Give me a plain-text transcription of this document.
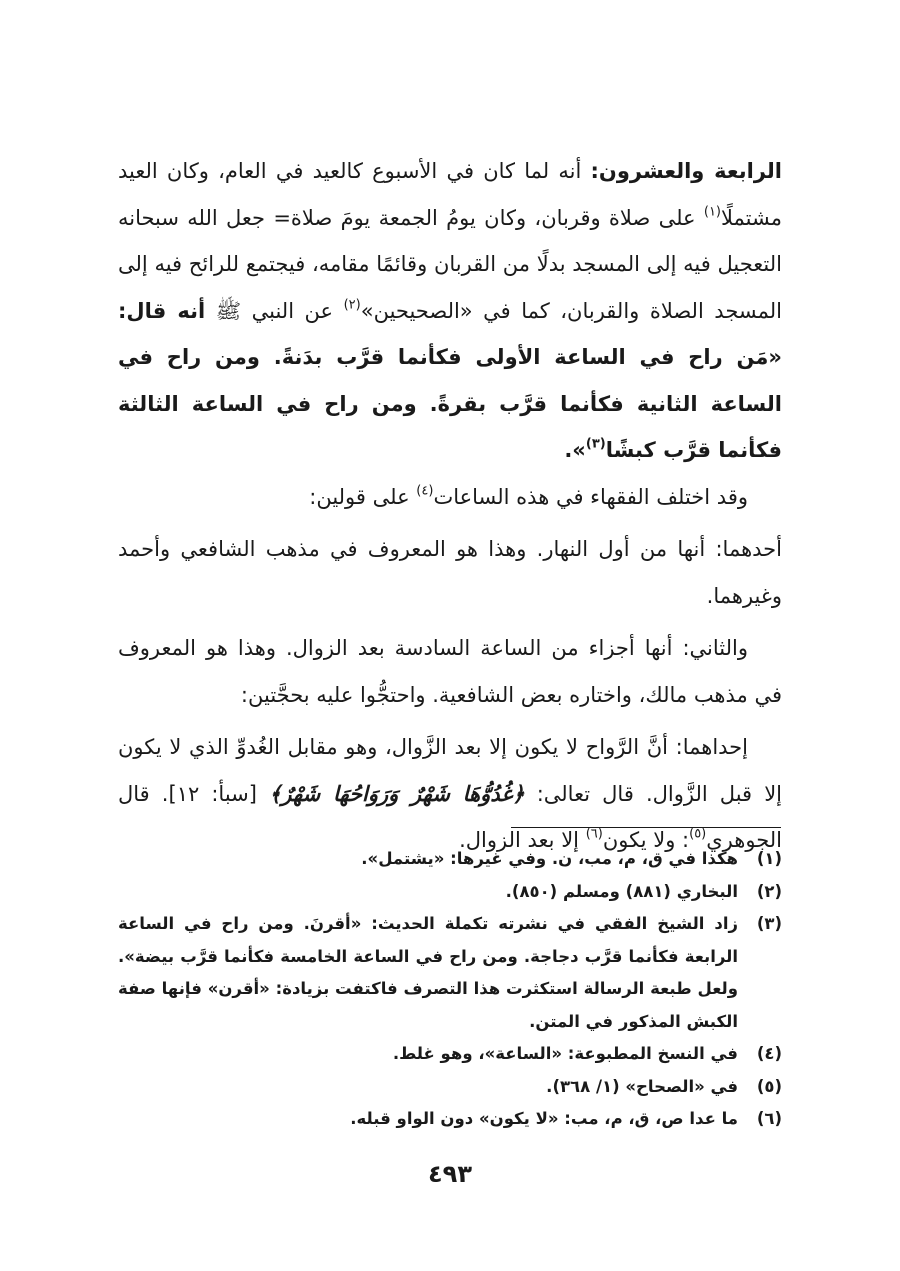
الرابعة والعشرون: أنه لما كان في الأسبوع كالعيد في العام، وكان العيد مشتملًا$^{(١)}$ على صلاة وقربان، وكان يومُ الجمعة يومَ صلاة= جعل الله سبحانه التعجيل فيه إلى المسجد بدلًا من القربان وقائمًا مقامه، فيجتمع للرائح فيه إلى المسجد الصلاة والقربان، كما في «الصحيحين»$^{(٢)}$ عن النبي ﷺ أنه قال: «مَن راح في الساعة الأولى فكأنما قرَّب بدَنةً. ومن راح في الساعة الثانية فكأنما قرَّب بقرةً. ومن راح في الساعة الثالثة فكأنما قرَّب كبشًا$^{(٣)}$».

وقد اختلف الفقهاء في هذه الساعات$^{(٤)}$ على قولين:

أحدهما: أنها من أول النهار. وهذا هو المعروف في مذهب الشافعي وأحمد وغيرهما.

والثاني: أنها أجزاء من الساعة السادسة بعد الزوال. وهذا هو المعروف في مذهب مالك، واختاره بعض الشافعية. واحتجُّوا عليه بحجَّتين:

إحداهما: أنَّ الرَّواح لا يكون إلا بعد الزَّوال، وهو مقابل الغُدوِّ الذي لا يكون إلا قبل الزَّوال. قال تعالى: ﴿غُدُوُّهَا شَهْرٌ وَرَوَاحُهَا شَهْرٌ﴾ [سبأ: ١٢]. قال الجوهري$^{(٥)}$: ولا يكون$^{(٦)}$ إلا بعد الزوال.

(١)
هكذا في ق، م، مب، ن. وفي غيرها: «يشتمل».
(٢)
البخاري (٨٨١) ومسلم (٨٥٠).
(٣)
زاد الشيخ الفقي في نشرته تكملة الحديث: «أقرنَ. ومن راح في الساعة الرابعة فكأنما قرَّب دجاجة. ومن راح في الساعة الخامسة فكأنما قرَّب بيضة». ولعل طبعة الرسالة استكثرت هذا التصرف فاكتفت بزيادة: «أقرن» فإنها صفة الكبش المذكور في المتن.
(٤)
في النسخ المطبوعة: «الساعة»، وهو غلط.
(٥)
في «الصحاح» (١/ ٣٦٨).
(٦)
ما عدا ص، ق، م، مب: «لا يكون» دون الواو قبله.
٤٩٣
